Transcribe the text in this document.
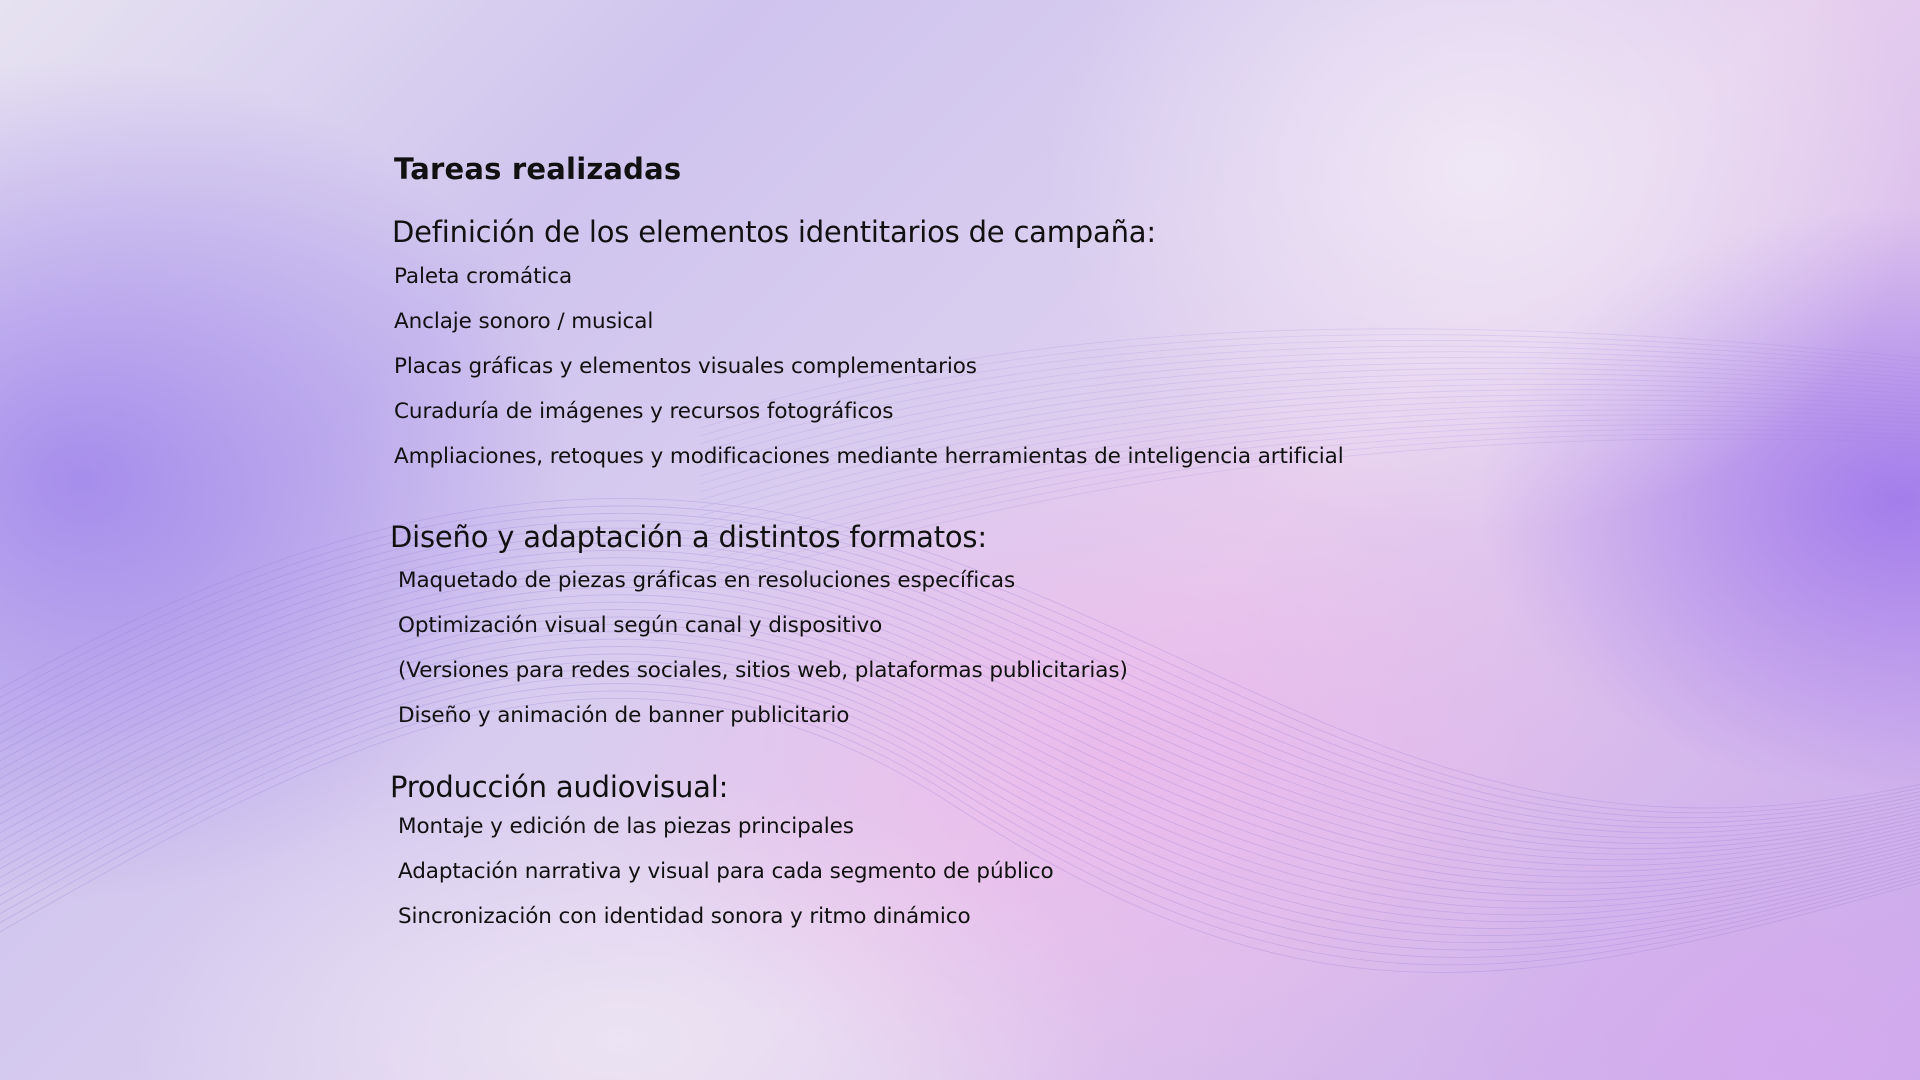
Tareas realizadas
Definición de los elementos identitarios de campaña:
Paleta cromática
Anclaje sonoro / musical
Placas gráficas y elementos visuales complementarios
Curaduría de imágenes y recursos fotográficos
Ampliaciones, retoques y modificaciones mediante herramientas de inteligencia artificial
Diseño y adaptación a distintos formatos:
Maquetado de piezas gráficas en resoluciones específicas
Optimización visual según canal y dispositivo
(Versiones para redes sociales, sitios web, plataformas publicitarias)
Diseño y animación de banner publicitario
Producción audiovisual:
Montaje y edición de las piezas principales
Adaptación narrativa y visual para cada segmento de público
Sincronización con identidad sonora y ritmo dinámico
